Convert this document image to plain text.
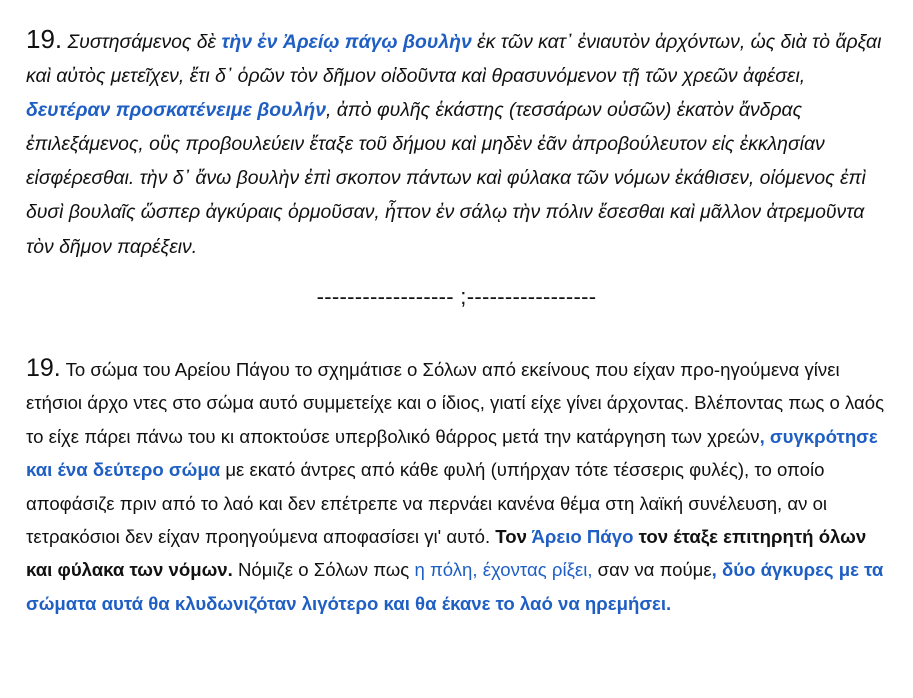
19. Συστησάμενος δὲ τὴν ἐν Ἀρείῳ πάγῳ βουλὴν ἐκ τῶν κατ᾽ ἐνιαυτὸν ἀρχόντων, ὡς διὰ τὸ ἄρξαι καὶ αὐτὸς μετεῖχεν, ἔτι δ᾽ ὁρῶν τὸν δῆμον οἰδοῦντα καὶ θρασυνόμενον τῇ τῶν χρεῶν ἀφέσει, δευτέραν προσκατένειμε βουλήν, ἀπὸ φυλῆς ἑκάστης (τεσσάρων οὐσῶν) ἑκατὸν ἄνδρας ἐπιλεξάμενος, οὓς προβουλεύειν ἔταξε τοῦ δήμου καὶ μηδὲν ἐᾶν ἀπροβούλευτον εἰς ἐκκλησίαν εἰσφέρεσθαι. τὴν δ᾽ ἄνω βουλὴν ἐπὶ σκοπον πάντων καὶ φύλακα τῶν νόμων ἐκάθισεν, οἰόμενος ἐπὶ δυσὶ βουλαῖς ὥσπερ ἀγκύραις ὁρμοῦσαν, ἧττον ἐν σάλῳ τὴν πόλιν ἔσεσθαι καὶ μᾶλλον ἀτρεμοῦντα τὸν δῆμον παρέξειν.

------------------ ;-----------------

19. Το σώμα του Αρείου Πάγου το σχημάτισε ο Σόλων από εκείνους που είχαν προ-ηγούμενα γίνει ετήσιοι άρχο ντες στο σώμα αυτό συμμετείχε και ο ίδιος, γιατί είχε γίνει άρχοντας. Βλέποντας πως ο λαός το είχε πάρει πάνω του κι αποκτούσε υπερβολικό θάρρος μετά την κατάργηση των χρεών, συγκρότησε και ένα δεύτερο σώμα με εκατό άντρες από κάθε φυλή (υπήρχαν τότε τέσσερις φυλές), το οποίο αποφάσιζε πριν από το λαό και δεν επέτρεπε να περνάει κανένα θέμα στη λαϊκή συνέλευση, αν οι τετρακόσιοι δεν είχαν προηγούμενα αποφασίσει γι' αυτό. Τον Άρειο Πάγο τον έταξε επιτηρητή όλων και φύλακα των νόμων. Νόμιζε ο Σόλων πως η πόλη, έχοντας ρίξει, σαν να πούμε, δύο άγκυρες με τα σώματα αυτά θα κλυδωνιζόταν λιγότερο και θα έκανε το λαό να ηρεμήσει.
